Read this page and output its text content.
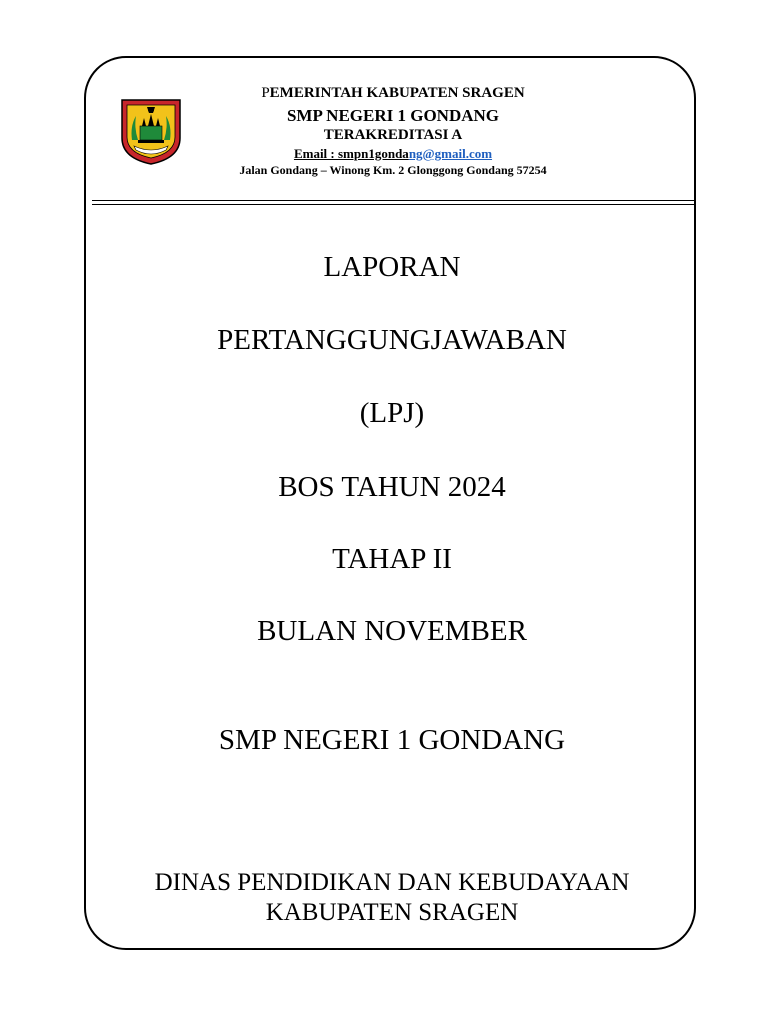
PEMERINTAH KABUPATEN SRAGEN
SMP NEGERI 1 GONDANG
TERAKREDITASI A
Email : smpn1gondang@gmail.com
Jalan Gondang – Winong Km. 2 Glonggong Gondang 57254
LAPORAN
PERTANGGUNGJAWABAN
(LPJ)
BOS TAHUN 2024
TAHAP II
BULAN NOVEMBER
SMP NEGERI 1 GONDANG
DINAS PENDIDIKAN DAN KEBUDAYAAN
KABUPATEN SRAGEN
